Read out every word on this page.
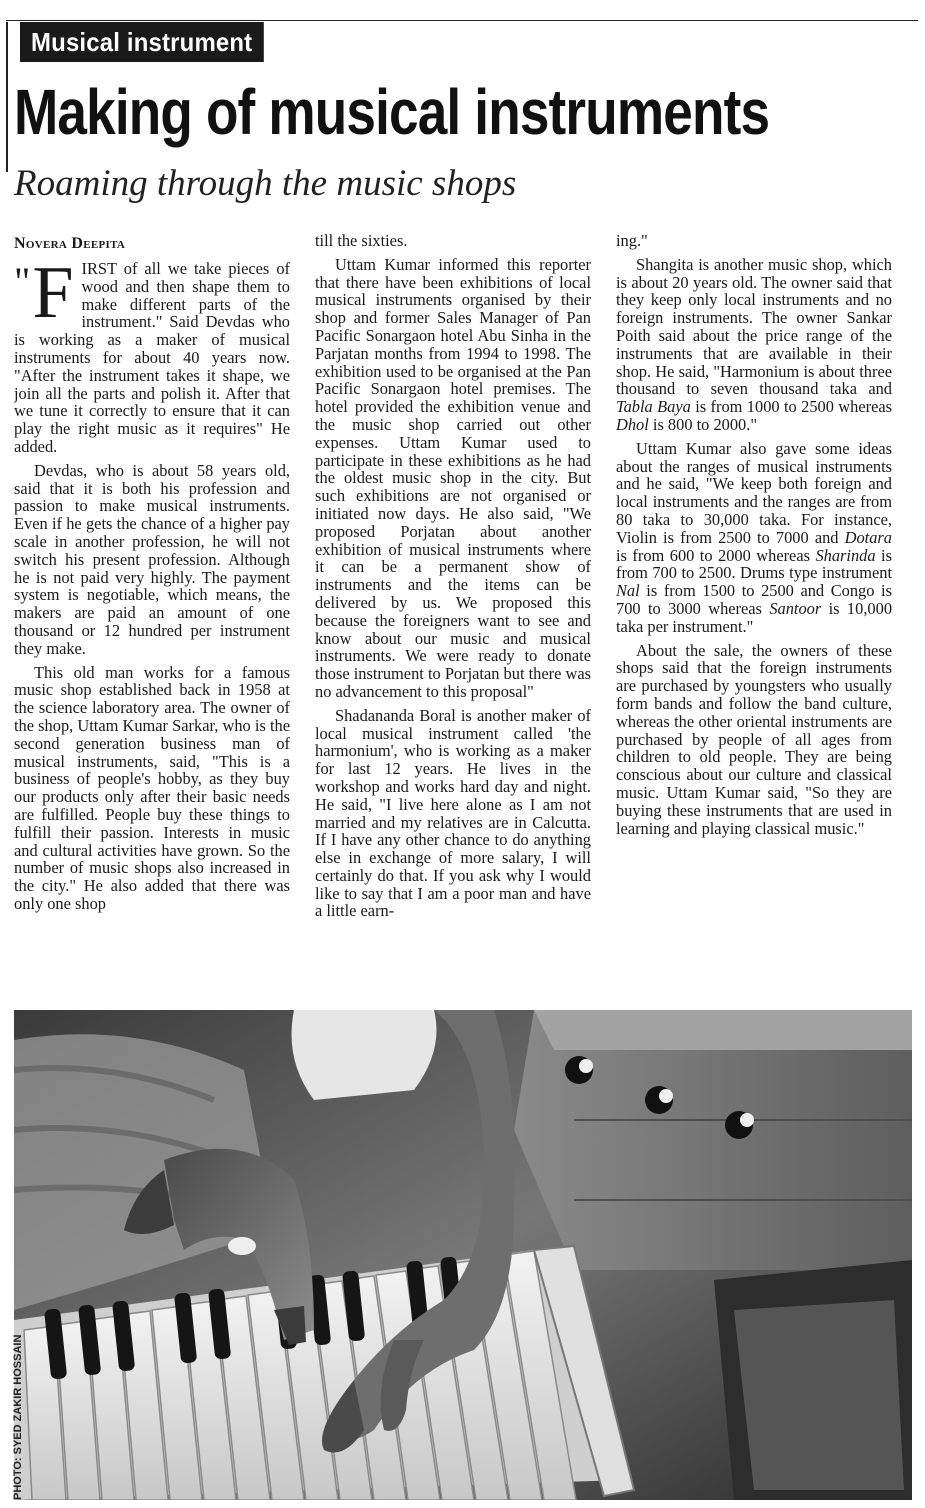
Musical instrument
Making of musical instruments
Roaming through the music shops
Novera Deepita

" F IRST of all we take pieces of wood and then shape them to make different parts of the instrument." Said Devdas who is working as a maker of musical instruments for about 40 years now. "After the instrument takes it shape, we join all the parts and polish it. After that we tune it correctly to ensure that it can play the right music as it requires" He added.

Devdas, who is about 58 years old, said that it is both his profession and passion to make musical instruments. Even if he gets the chance of a higher pay scale in another profession, he will not switch his present profession. Although he is not paid very highly. The payment system is negotiable, which means, the makers are paid an amount of one thousand or 12 hundred per instrument they make.

This old man works for a famous music shop established back in 1958 at the science laboratory area. The owner of the shop, Uttam Kumar Sarkar, who is the second generation business man of musical instruments, said, "This is a business of people's hobby, as they buy our products only after their basic needs are fulfilled. People buy these things to fulfill their passion. Interests in music and cultural activities have grown. So the number of music shops also increased in the city." He also added that there was only one shop

till the sixties.

Uttam Kumar informed this reporter that there have been exhibitions of local musical instruments organised by their shop and former Sales Manager of Pan Pacific Sonargaon hotel Abu Sinha in the Parjatan months from 1994 to 1998. The exhibition used to be organised at the Pan Pacific Sonargaon hotel premises. The hotel provided the exhibition venue and the music shop carried out other expenses. Uttam Kumar used to participate in these exhibitions as he had the oldest music shop in the city. But such exhibitions are not organised or initiated now days. He also said, "We proposed Porjatan about another exhibition of musical instruments where it can be a permanent show of instruments and the items can be delivered by us. We proposed this because the foreigners want to see and know about our music and musical instruments. We were ready to donate those instrument to Porjatan but there was no advancement to this proposal"

Shadananda Boral is another maker of local musical instrument called 'the harmonium', who is working as a maker for last 12 years. He lives in the workshop and works hard day and night. He said, "I live here alone as I am not married and my relatives are in Calcutta. If I have any other chance to do anything else in exchange of more salary, I will certainly do that. If you ask why I would like to say that I am a poor man and have a little earn-

ing."

Shangita is another music shop, which is about 20 years old. The owner said that they keep only local instruments and no foreign instruments. The owner Sankar Poith said about the price range of the instruments that are available in their shop. He said, "Harmonium is about three thousand to seven thousand taka and Tabla Baya is from 1000 to 2500 whereas Dhol is 800 to 2000."

Uttam Kumar also gave some ideas about the ranges of musical instruments and he said, "We keep both foreign and local instruments and the ranges are from 80 taka to 30,000 taka. For instance, Violin is from 2500 to 7000 and Dotara is from 600 to 2000 whereas Sharinda is from 700 to 2500. Drums type instrument Nal is from 1500 to 2500 and Congo is 700 to 3000 whereas Santoor is 10,000 taka per instrument."

About the sale, the owners of these shops said that the foreign instruments are purchased by youngsters who usually form bands and follow the band culture, whereas the other oriental instruments are purchased by people of all ages from children to old people. They are being conscious about our culture and classical music. Uttam Kumar said, "So they are buying these instruments that are used in learning and playing classical music."

PHOTO: SYED ZAKIR HOSSAIN
